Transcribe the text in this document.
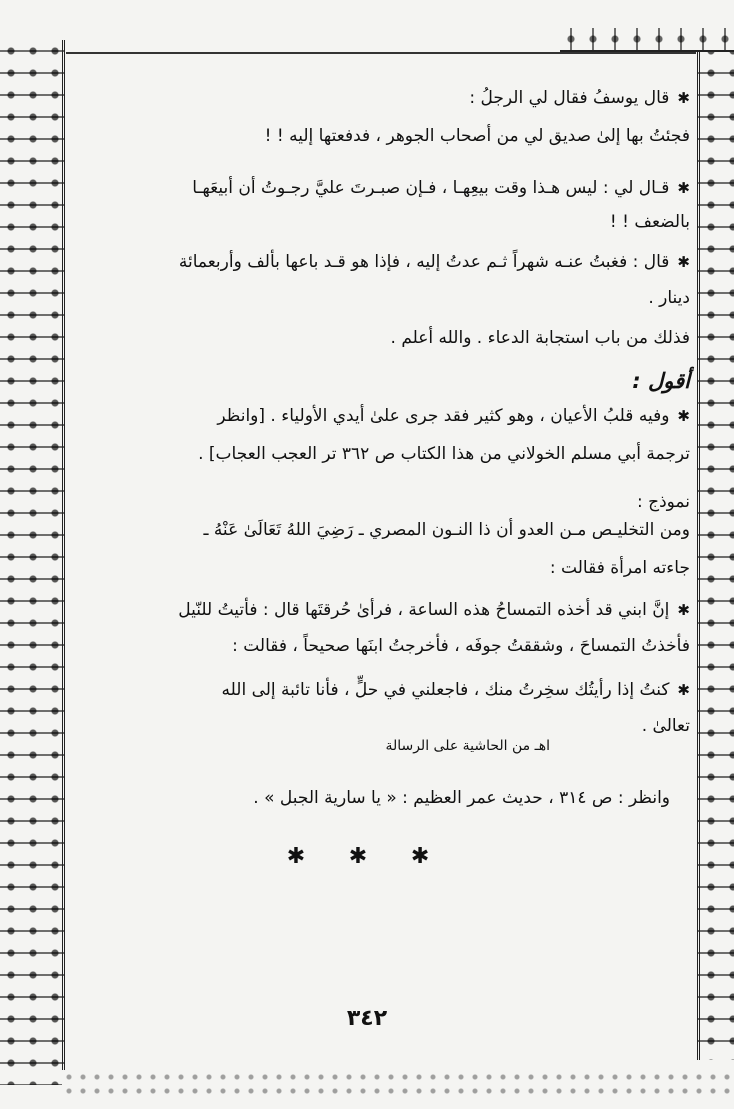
✱قال يوسفُ فقال لي الرجلُ :
فجئتُ بها إلىٰ صديق لي من أصحاب الجوهر ، فدفعتها إليه ! !
✱قـال لي : ليس هـذا وقت بيعِهـا ، فـإن صبـرتَ عليَّ رجـوتُ أن أبيعَهـا
بالضعف ! !
✱قال : فغبتُ عنـه شهراً ثـم عدتُ إليه ، فإذا هو قـد باعها بألف وأربعمائة
دينار .
فذلك من باب استجابة الدعاء . والله أعلم .
أقول :
✱وفيه قلبُ الأعيان ، وهو كثير فقد جرى علىٰ أيدي الأولياء . [وانظر
ترجمة أبي مسلم الخولاني من هذا الكتاب ص ٣٦٢ تر العجب العجاب] .
نموذج :
ومن التخليـص مـن العدو أن ذا النـون المصري ـ رَضِيَ اللهُ تَعَالَىٰ عَنْهُ ـ
جاءته امرأة فقالت :
✱إنَّ ابني قد أخذه التمساحُ هذه الساعة ، فرأىٰ حُرقتَها قال : فأتيتُ للنّيل
فأخذتُ التمساحَ ، وشققتُ جوفَه ، فأخرجتُ ابنَها صحيحاً ، فقالت :
✱كنتُ إذا رأيتُك سخِرتُ منك ، فاجعلني في حلٍّ ، فأنا تائبة إلى الله
تعالىٰ .
اهـ من الحاشية على الرسالة
وانظر : ص ٣١٤ ، حديث عمر العظيم : « يا سارية الجبل » .
✱ ✱ ✱
٣٤٢
